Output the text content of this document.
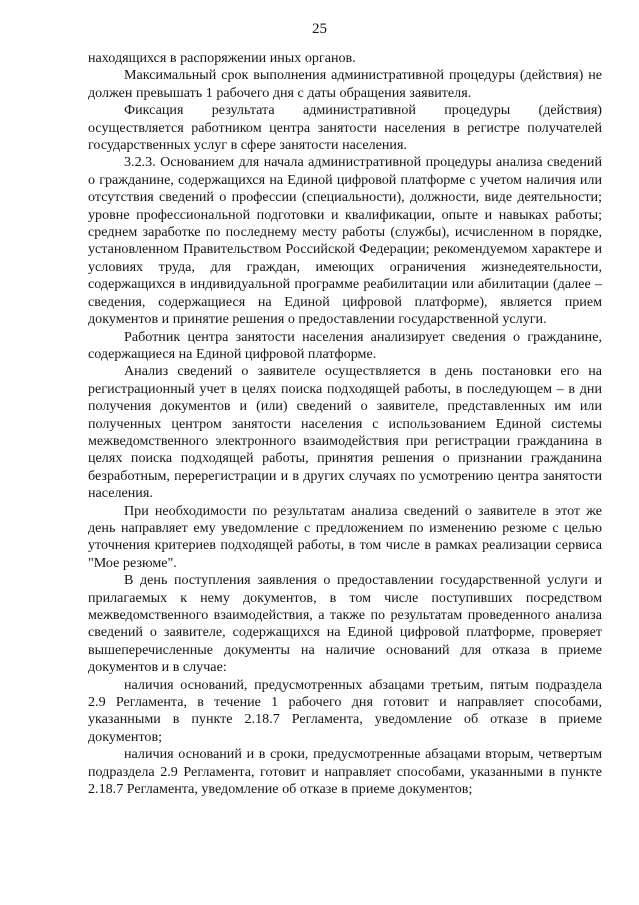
25

находящихся в распоряжении иных органов.

Максимальный срок выполнения административной процедуры (действия) не должен превышать 1 рабочего дня с даты обращения заявителя.

Фиксация результата административной процедуры (действия) осуществляется работником центра занятости населения в регистре получателей государственных услуг в сфере занятости населения.

3.2.3. Основанием для начала административной процедуры анализа сведений о гражданине, содержащихся на Единой цифровой платформе с учетом наличия или отсутствия сведений о профессии (специальности), должности, виде деятельности; уровне профессиональной подготовки и квалификации, опыте и навыках работы; среднем заработке по последнему месту работы (службы), исчисленном в порядке, установленном Правительством Российской Федерации; рекомендуемом характере и условиях труда, для граждан, имеющих ограничения жизнедеятельности, содержащихся в индивидуальной программе реабилитации или абилитации (далее – сведения, содержащиеся на Единой цифровой платформе), является прием документов и принятие решения о предоставлении государственной услуги.

Работник центра занятости населения анализирует сведения о гражданине, содержащиеся на Единой цифровой платформе.

Анализ сведений о заявителе осуществляется в день постановки его на регистрационный учет в целях поиска подходящей работы, в последующем – в дни получения документов и (или) сведений о заявителе, представленных им или полученных центром занятости населения с использованием Единой системы межведомственного электронного взаимодействия при регистрации гражданина в целях поиска подходящей работы, принятия решения о признании гражданина безработным, перерегистрации и в других случаях по усмотрению центра занятости населения.

При необходимости по результатам анализа сведений о заявителе в этот же день направляет ему уведомление с предложением по изменению резюме с целью уточнения критериев подходящей работы, в том числе в рамках реализации сервиса "Мое резюме".

В день поступления заявления о предоставлении государственной услуги и прилагаемых к нему документов, в том числе поступивших посредством межведомственного взаимодействия, а также по результатам проведенного анализа сведений о заявителе, содержащихся на Единой цифровой платформе, проверяет вышеперечисленные документы на наличие оснований для отказа в приеме документов и в случае:

наличия оснований, предусмотренных абзацами третьим, пятым подраздела 2.9 Регламента, в течение 1 рабочего дня готовит и направляет способами, указанными в пункте 2.18.7 Регламента, уведомление об отказе в приеме документов;

наличия оснований и в сроки, предусмотренные абзацами вторым, четвертым подраздела 2.9 Регламента, готовит и направляет способами, указанными в пункте 2.18.7 Регламента, уведомление об отказе в приеме документов;
